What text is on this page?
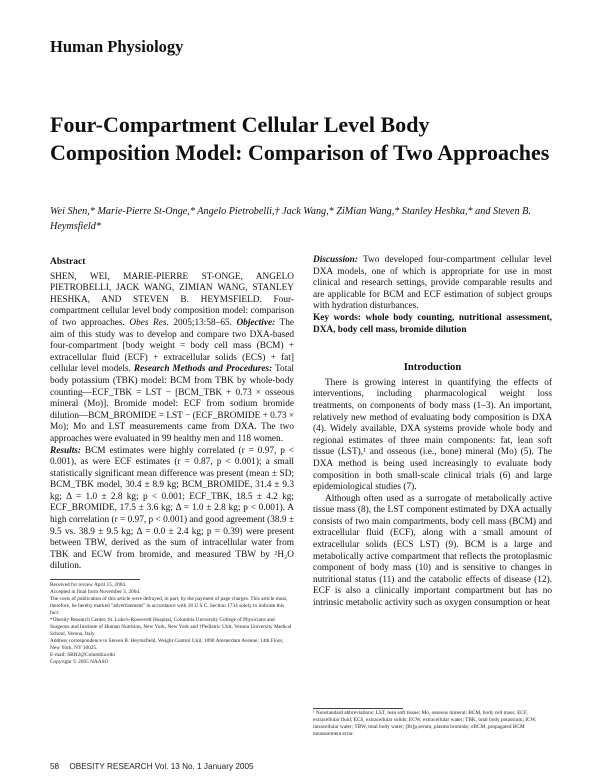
Human Physiology
Four-Compartment Cellular Level Body Composition Model: Comparison of Two Approaches
Wei Shen,* Marie-Pierre St-Onge,* Angelo Pietrobelli,† Jack Wang,* ZiMian Wang,* Stanley Heshka,* and Steven B. Heymsfield*
Abstract

SHEN, WEI, MARIE-PIERRE ST-ONGE, ANGELO PIETROBELLI, JACK WANG, ZIMIAN WANG, STANLEY HESHKA, AND STEVEN B. HEYMSFIELD. Four-compartment cellular level body composition model: comparison of two approaches. Obes Res. 2005;13:58–65. Objective: The aim of this study was to develop and compare two DXA-based four-compartment [body weight = body cell mass (BCM) + extracellular fluid (ECF) + extracellular solids (ECS) + fat] cellular level models. Research Methods and Procedures: Total body potassium (TBK) model: BCM from TBK by whole-body counting—ECF_TBK = LST − [BCM_TBK + 0.73 × osseous mineral (Mo)]. Bromide model: ECF from sodium bromide dilution—BCM_BROMIDE = LST − (ECF_BROMIDE + 0.73 × Mo); Mo and LST measurements came from DXA. The two approaches were evaluated in 99 healthy men and 118 women.

Results: BCM estimates were highly correlated (r = 0.97, p < 0.001), as were ECF estimates (r = 0.87, p < 0.001); a small statistically significant mean difference was present (mean ± SD; BCM_TBK model, 30.4 ± 8.9 kg; BCM_BROMIDE, 31.4 ± 9.3 kg; Δ = 1.0 ± 2.8 kg; p < 0.001; ECF_TBK, 18.5 ± 4.2 kg; ECF_BROMIDE, 17.5 ± 3.6 kg; Δ = 1.0 ± 2.8 kg; p < 0.001). A high correlation (r = 0.97, p < 0.001) and good agreement (38.9 ± 9.5 vs. 38.9 ± 9.5 kg; Δ = 0.0 ± 2.4 kg; p = 0.39) were present between TBW, derived as the sum of intracellular water from TBK and ECW from bromide, and measured TBW by ²H₂O dilution.

Received for review April 15, 2004.
Accepted in final form November 3, 2004.
The costs of publication of this article were defrayed, in part, by the payment of page charges. This article must, therefore, be hereby marked "advertisement" in accordance with 18 U.S.C. Section 1734 solely to indicate this fact.
*Obesity Research Center, St. Luke's-Roosevelt Hospital, Columbia University College of Physicians and Surgeons and Institute of Human Nutrition, New York, New York and †Pediatric Unit, Verona University Medical School, Verona, Italy.
Address correspondence to Steven B. Heymsfield, Weight Control Unit, 1090 Amsterdam Avenue, 14th Floor, New York, NY 10025.
E-mail: SBH2@Columbia.edu
Copyright © 2005 NAASO

Discussion: Two developed four-compartment cellular level DXA models, one of which is appropriate for use in most clinical and research settings, provide comparable results and are applicable for BCM and ECF estimation of subject groups with hydration disturbances.

Key words: whole body counting, nutritional assessment, DXA, body cell mass, bromide dilution

Introduction

There is growing interest in quantifying the effects of interventions, including pharmacological weight loss treatments, on components of body mass (1–3). An important, relatively new method of evaluating body composition is DXA (4). Widely available, DXA systems provide whole body and regional estimates of three main components: fat, lean soft tissue (LST),¹ and osseous (i.e., bone) mineral (Mo) (5). The DXA method is being used increasingly to evaluate body composition in both small-scale clinical trials (6) and large epidemiological studies (7).

Although often used as a surrogate of metabolically active tissue mass (8), the LST component estimated by DXA actually consists of two main compartments, body cell mass (BCM) and extracellular fluid (ECF), along with a small amount of extracellular solids (ECS LST) (9). BCM is a large and metabolically active compartment that reflects the protoplasmic component of body mass (10) and is sensitive to changes in nutritional status (11) and the catabolic effects of disease (12). ECF is also a clinically important compartment but has no intrinsic metabolic activity such as oxygen consumption or heat

¹ Nonstandard abbreviations: LST, lean soft tissue; Mo, osseous mineral; BCM, body cell mass; ECF, extracellular fluid; ECS, extracellular solids; ECW, extracellular water; TBK, total body potassium; ICW, intracellular water; TBW, total body water; [Br]p,serum, plasma bromide; σBCM, propagated BCM measurement error.
58 OBESITY RESEARCH Vol. 13 No. 1 January 2005
